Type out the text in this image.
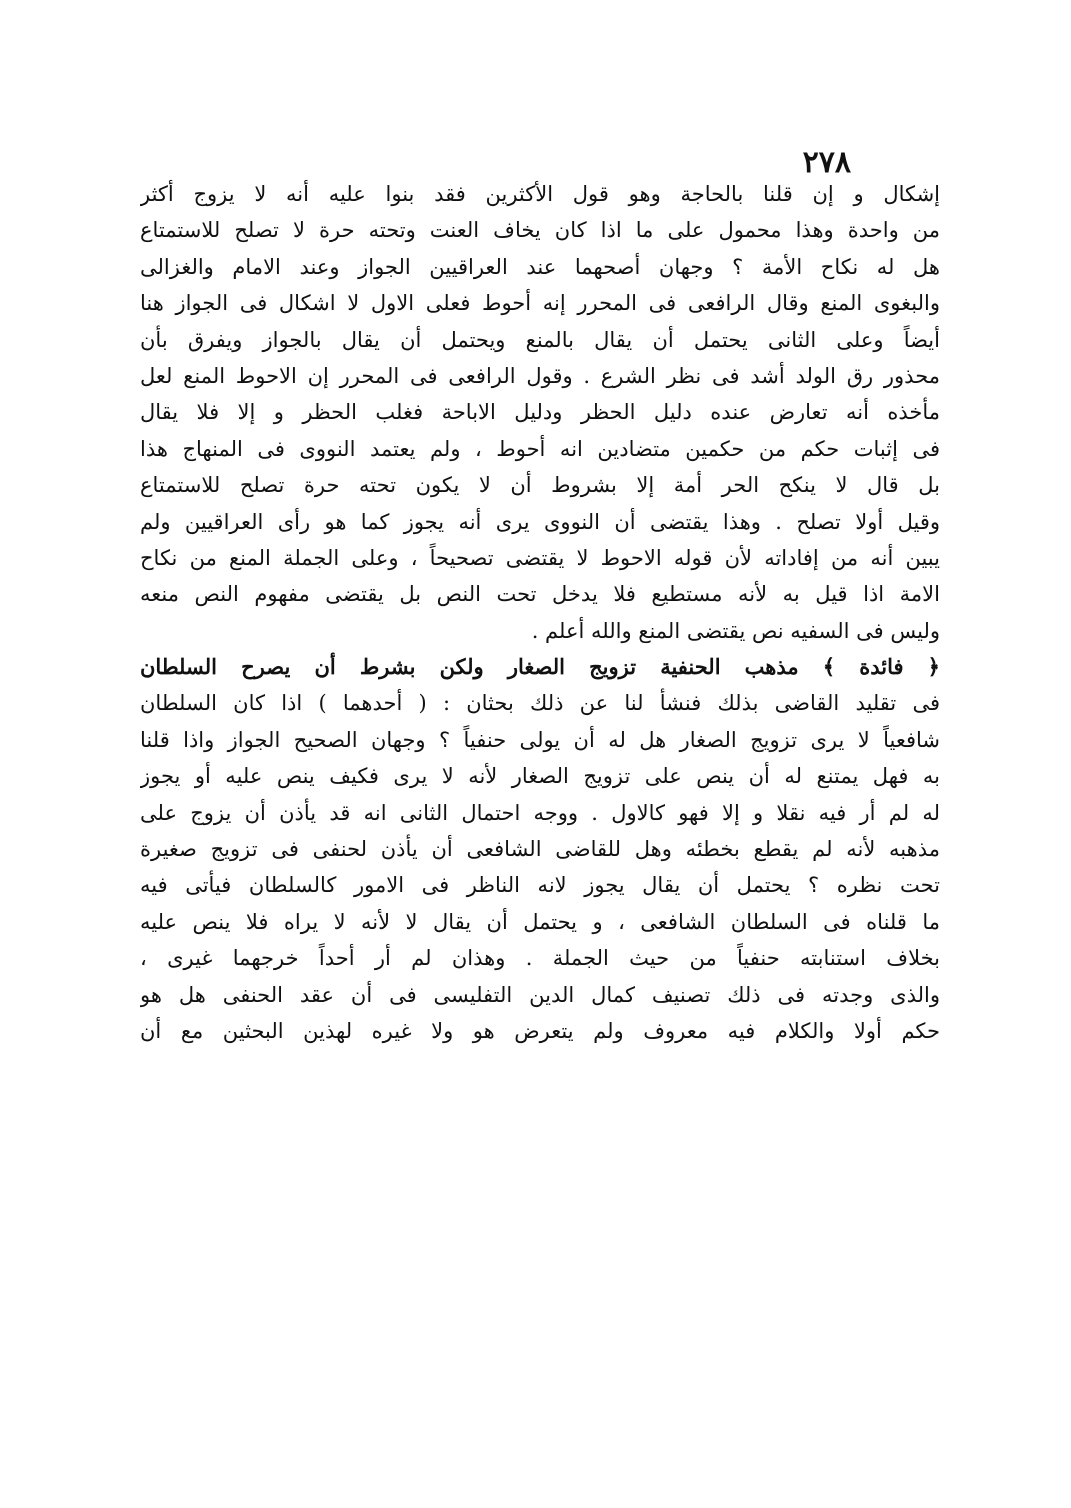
٢٧٨
إشكال و إن قلنا بالحاجة وهو قول الأكثرين فقد بنوا عليه أنه لا يزوج أكثر
من واحدة وهذا محمول على ما اذا كان يخاف العنت وتحته حرة لا تصلح للاستمتاع
هل له نكاح الأمة ؟ وجهان أصحهما عند العراقيين الجواز وعند الامام والغزالى
والبغوى المنع وقال الرافعى فى المحرر إنه أحوط فعلى الاول لا اشكال فى الجواز هنا
أيضاً وعلى الثانى يحتمل أن يقال بالمنع ويحتمل أن يقال بالجواز ويفرق بأن
محذور رق الولد أشد فى نظر الشرع . وقول الرافعى فى المحرر إن الاحوط المنع لعل
مأخذه أنه تعارض عنده دليل الحظر ودليل الاباحة فغلب الحظر و إلا فلا يقال
فى إثبات حكم من حكمين متضادين انه أحوط ، ولم يعتمد النووى فى المنهاج هذا
بل قال لا ينكح الحر أمة إلا بشروط أن لا يكون تحته حرة تصلح للاستمتاع
وقيل أولا تصلح . وهذا يقتضى أن النووى يرى أنه يجوز كما هو رأى العراقيين ولم
يبين أنه من إفاداته لأن قوله الاحوط لا يقتضى تصحيحاً ، وعلى الجملة المنع من نكاح
الامة اذا قيل به لأنه مستطيع فلا يدخل تحت النص بل يقتضى مفهوم النص منعه
وليس فى السفيه نص يقتضى المنع والله أعلم .
﴿ فائدة ﴾ مذهب الحنفية تزويج الصغار ولكن بشرط أن يصرح السلطان
فى تقليد القاضى بذلك فنشأ لنا عن ذلك بحثان : ( أحدهما ) اذا كان السلطان
شافعياً لا يرى تزويج الصغار هل له أن يولى حنفياً ؟ وجهان الصحيح الجواز واذا قلنا
به فهل يمتنع له أن ينص على تزويج الصغار لأنه لا يرى فكيف ينص عليه أو يجوز
له لم أر فيه نقلا و إلا فهو كالاول . ووجه احتمال الثانى انه قد يأذن أن يزوج على
مذهبه لأنه لم يقطع بخطئه وهل للقاضى الشافعى أن يأذن لحنفى فى تزويج صغيرة
تحت نظره ؟ يحتمل أن يقال يجوز لانه الناظر فى الامور كالسلطان فيأتى فيه
ما قلناه فى السلطان الشافعى ، و يحتمل أن يقال لا لأنه لا يراه فلا ينص عليه
بخلاف استنابته حنفياً من حيث الجملة . وهذان لم أر أحداً خرجهما غيرى ،
والذى وجدته فى ذلك تصنيف كمال الدين التفليسى فى أن عقد الحنفى هل هو
حكم أولا والكلام فيه معروف ولم يتعرض هو ولا غيره لهذين البحثين مع أن
